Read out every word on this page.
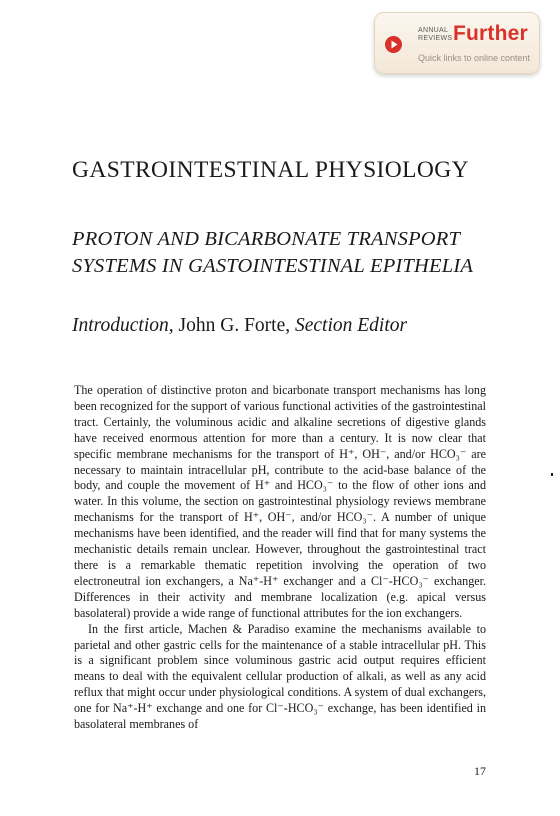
ANNUAL REVIEWS Further
Quick links to online content
GASTROINTESTINAL PHYSIOLOGY
PROTON AND BICARBONATE TRANSPORT
SYSTEMS IN GASTOINTESTINAL EPITHELIA
Introduction, John G. Forte, Section Editor

The operation of distinctive proton and bicarbonate transport mechanisms has long been recognized for the support of various functional activities of the gastrointestinal tract. Certainly, the voluminous acidic and alkaline secretions of digestive glands have received enormous attention for more than a century. It is now clear that specific membrane mechanisms for the transport of H⁺, OH⁻, and/or HCO₃⁻ are necessary to maintain intracellular pH, contribute to the acid-base balance of the body, and couple the movement of H⁺ and HCO₃⁻ to the flow of other ions and water. In this volume, the section on gastrointestinal physiology reviews membrane mechanisms for the transport of H⁺, OH⁻, and/or HCO₃⁻. A number of unique mechanisms have been identified, and the reader will find that for many systems the mechanistic details remain unclear. However, throughout the gastrointestinal tract there is a remarkable thematic repetition involving the operation of two electroneutral ion exchangers, a Na⁺-H⁺ exchanger and a Cl⁻-HCO₃⁻ exchanger. Differences in their activity and membrane localization (e.g. apical versus basolateral) provide a wide range of functional attributes for the ion exchangers.

In the first article, Machen & Paradiso examine the mechanisms available to parietal and other gastric cells for the maintenance of a stable intracellular pH. This is a significant problem since voluminous gastric acid output requires efficient means to deal with the equivalent cellular production of alkali, as well as any acid reflux that might occur under physiological conditions. A system of dual exchangers, one for Na⁺-H⁺ exchange and one for Cl⁻-HCO₃⁻ exchange, has been identified in basolateral membranes of

17
